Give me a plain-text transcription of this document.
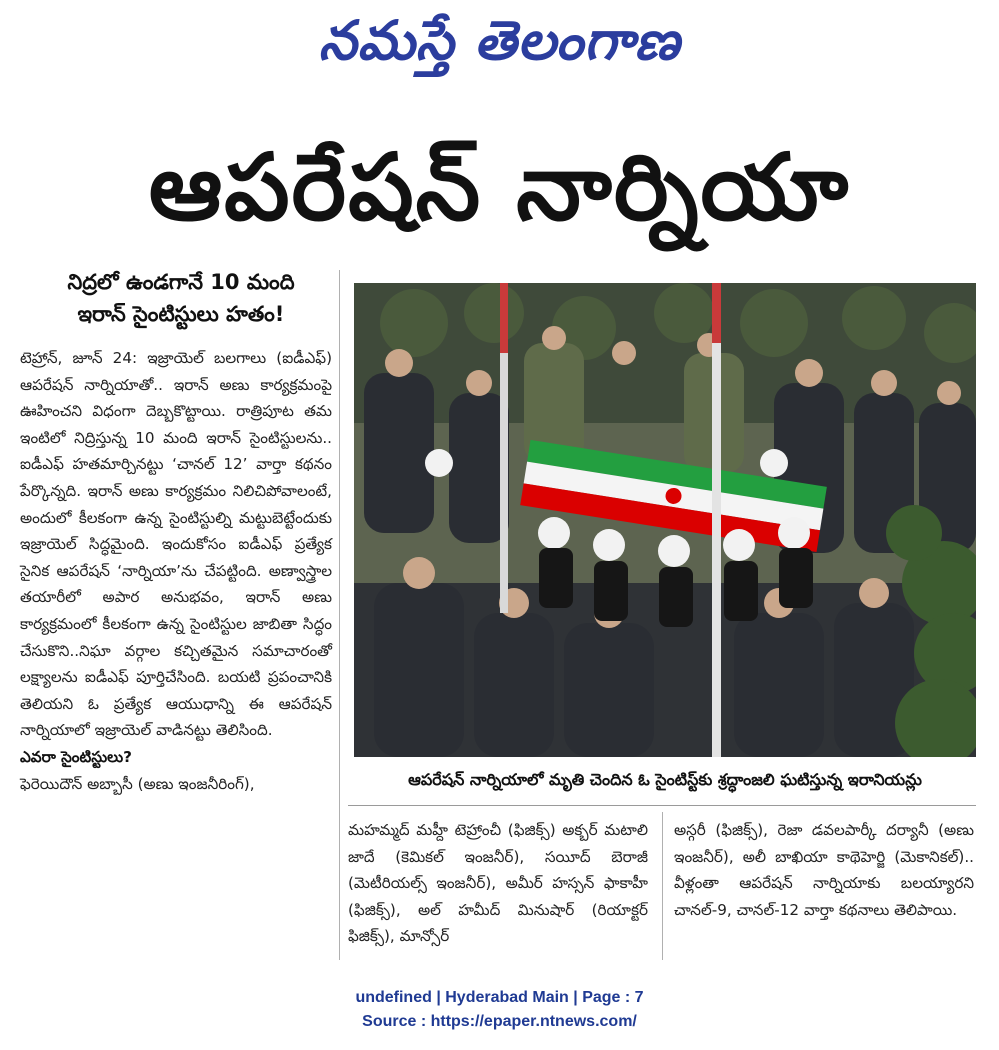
నమస్తే తెలంగాణ
ఆపరేషన్ నార్నియా
నిద్రలో ఉండగానే 10 మంది
ఇరాన్ సైంటిస్టులు హతం!

టెహ్రాన్, జూన్ 24: ఇజ్రాయెల్ బలగాలు (ఐడీఎఫ్) ఆపరేషన్ నార్నియాతో.. ఇరాన్ అణు కార్యక్రమంపై ఊహించని విధంగా దెబ్బకొట్టాయి. రాత్రిపూట తమ ఇంటిలో నిద్రిస్తున్న 10 మంది ఇరాన్ సైంటిస్టులను.. ఐడీఎఫ్ హతమార్చినట్టు ‘చానల్ 12’ వార్తా కథనం పేర్కొన్నది. ఇరాన్ అణు కార్యక్రమం నిలిచిపోవాలంటే, అందులో కీలకంగా ఉన్న సైంటిస్టుల్ని మట్టుబెట్టేందుకు ఇజ్రాయెల్ సిద్ధమైంది. ఇందుకోసం ఐడీఎఫ్ ప్రత్యేక సైనిక ఆపరేషన్ ‘నార్నియా’ను చేపట్టింది. అణ్వాస్త్రాల తయారీలో అపార అనుభవం, ఇరాన్ అణు కార్యక్రమంలో కీలకంగా ఉన్న సైంటిస్టుల జాబితా సిద్ధం చేసుకొని..నిఘా వర్గాల కచ్చితమైన సమాచారంతో లక్ష్యాలను ఐడీఎఫ్ పూర్తిచేసింది. బయటి ప్రపంచానికి తెలియని ఓ ప్రత్యేక ఆయుధాన్ని ఈ ఆపరేషన్ నార్నియాలో ఇజ్రాయెల్ వాడినట్టు తెలిసింది.

ఎవరా సైంటిస్టులు?

ఫెరెయిదౌన్ అబ్బాసీ (అణు ఇంజనీరింగ్),	ఆపరేషన్ నార్నియాలో మృతి చెందిన ఓ సైంటిస్ట్‌కు శ్రద్ధాంజలి ఘటిస్తున్న ఇరానియన్లు

మహమ్మద్ మహ్దీ టెహ్రాంచీ (ఫిజిక్స్) అక్బర్ మటాలి జాదే (కెమికల్ ఇంజనీర్), సయీద్ బెరాజీ (మెటీరియల్స్ ఇంజనీర్), అమీర్ హస్సన్ ఫాకాహీ (ఫిజిక్స్), అల్ హమీద్ మినుషార్ (రియాక్టర్ ఫిజిక్స్), మాన్సోర్

అస్గరీ (ఫిజిక్స్), రెజా డవలపార్కీ దర్యానీ (అణు ఇంజనీర్), అలీ బాఖియా కాథెహెర్జి (మెకానికల్).. వీళ్లంతా ఆపరేషన్ నార్నియాకు బలయ్యారని చానల్-9, చానల్-12 వార్తా కథనాలు తెలిపాయి.

undefined | Hyderabad Main | Page : 7
Source : https://epaper.ntnews.com/
